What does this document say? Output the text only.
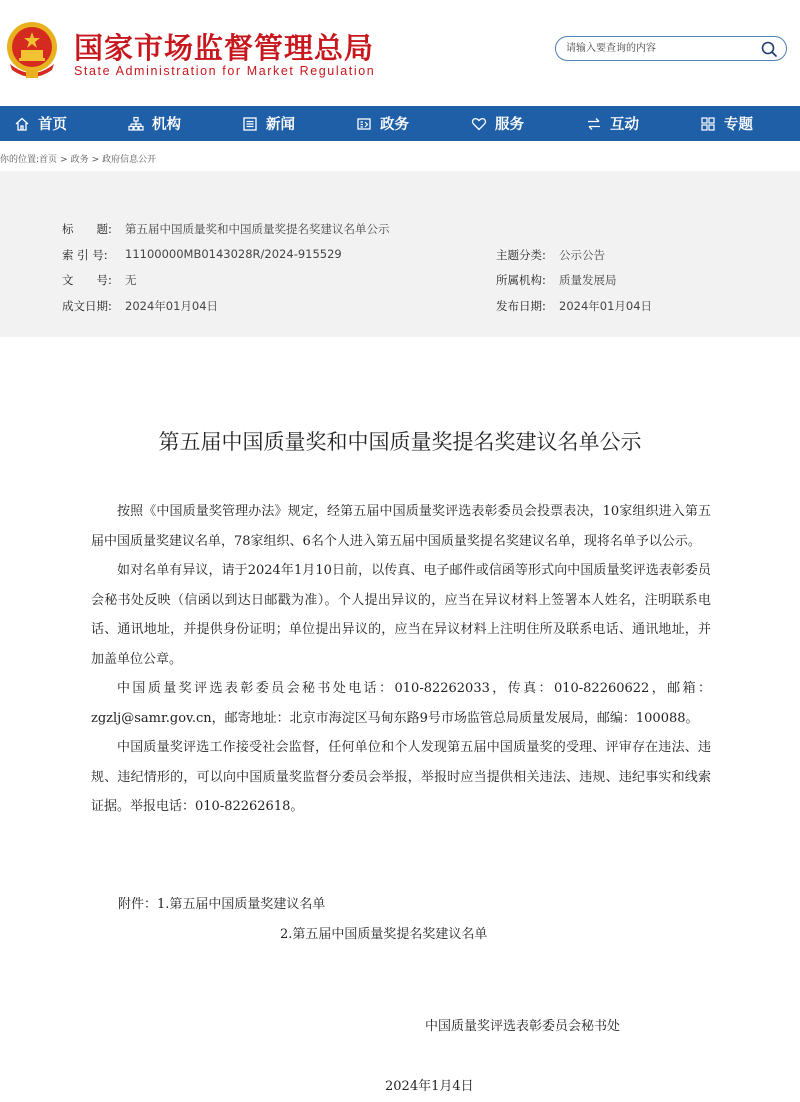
国家市场监督管理总局
State Administration for Market Regulation
请输入要查询的内容
首页	机构	新闻	政务	服务	互动	专题
你的位置:首页 > 政务 > 政府信息公开
标　　题:	第五届中国质量奖和中国质量奖提名奖建议名单公示
索 引 号:	11100000MB0143028R/2024-915529	主题分类:	公示公告
文　　号:	无	所属机构:	质量发展局
成文日期:	2024年01月04日	发布日期:	2024年01月04日
第五届中国质量奖和中国质量奖提名奖建议名单公示

按照《中国质量奖管理办法》规定，经第五届中国质量奖评选表彰委员会投票表决，10家组织进入第五届中国质量奖建议名单，78家组织、6名个人进入第五届中国质量奖提名奖建议名单，现将名单予以公示。

如对名单有异议，请于2024年1月10日前，以传真、电子邮件或信函等形式向中国质量奖评选表彰委员会秘书处反映（信函以到达日邮戳为准）。个人提出异议的，应当在异议材料上签署本人姓名，注明联系电话、通讯地址，并提供身份证明；单位提出异议的，应当在异议材料上注明住所及联系电话、通讯地址，并加盖单位公章。

中国质量奖评选表彰委员会秘书处电话：010-82262033，传真：010-82260622，邮箱：zgzlj@samr.gov.cn，邮寄地址：北京市海淀区马甸东路9号市场监管总局质量发展局，邮编：100088。

中国质量奖评选工作接受社会监督，任何单位和个人发现第五届中国质量奖的受理、评审存在违法、违规、违纪情形的，可以向中国质量奖监督分委员会举报，举报时应当提供相关违法、违规、违纪事实和线索证据。举报电话：010-82262618。

附件：1.第五届中国质量奖建议名单
2.第五届中国质量奖提名奖建议名单
中国质量奖评选表彰委员会秘书处
2024年1月4日
